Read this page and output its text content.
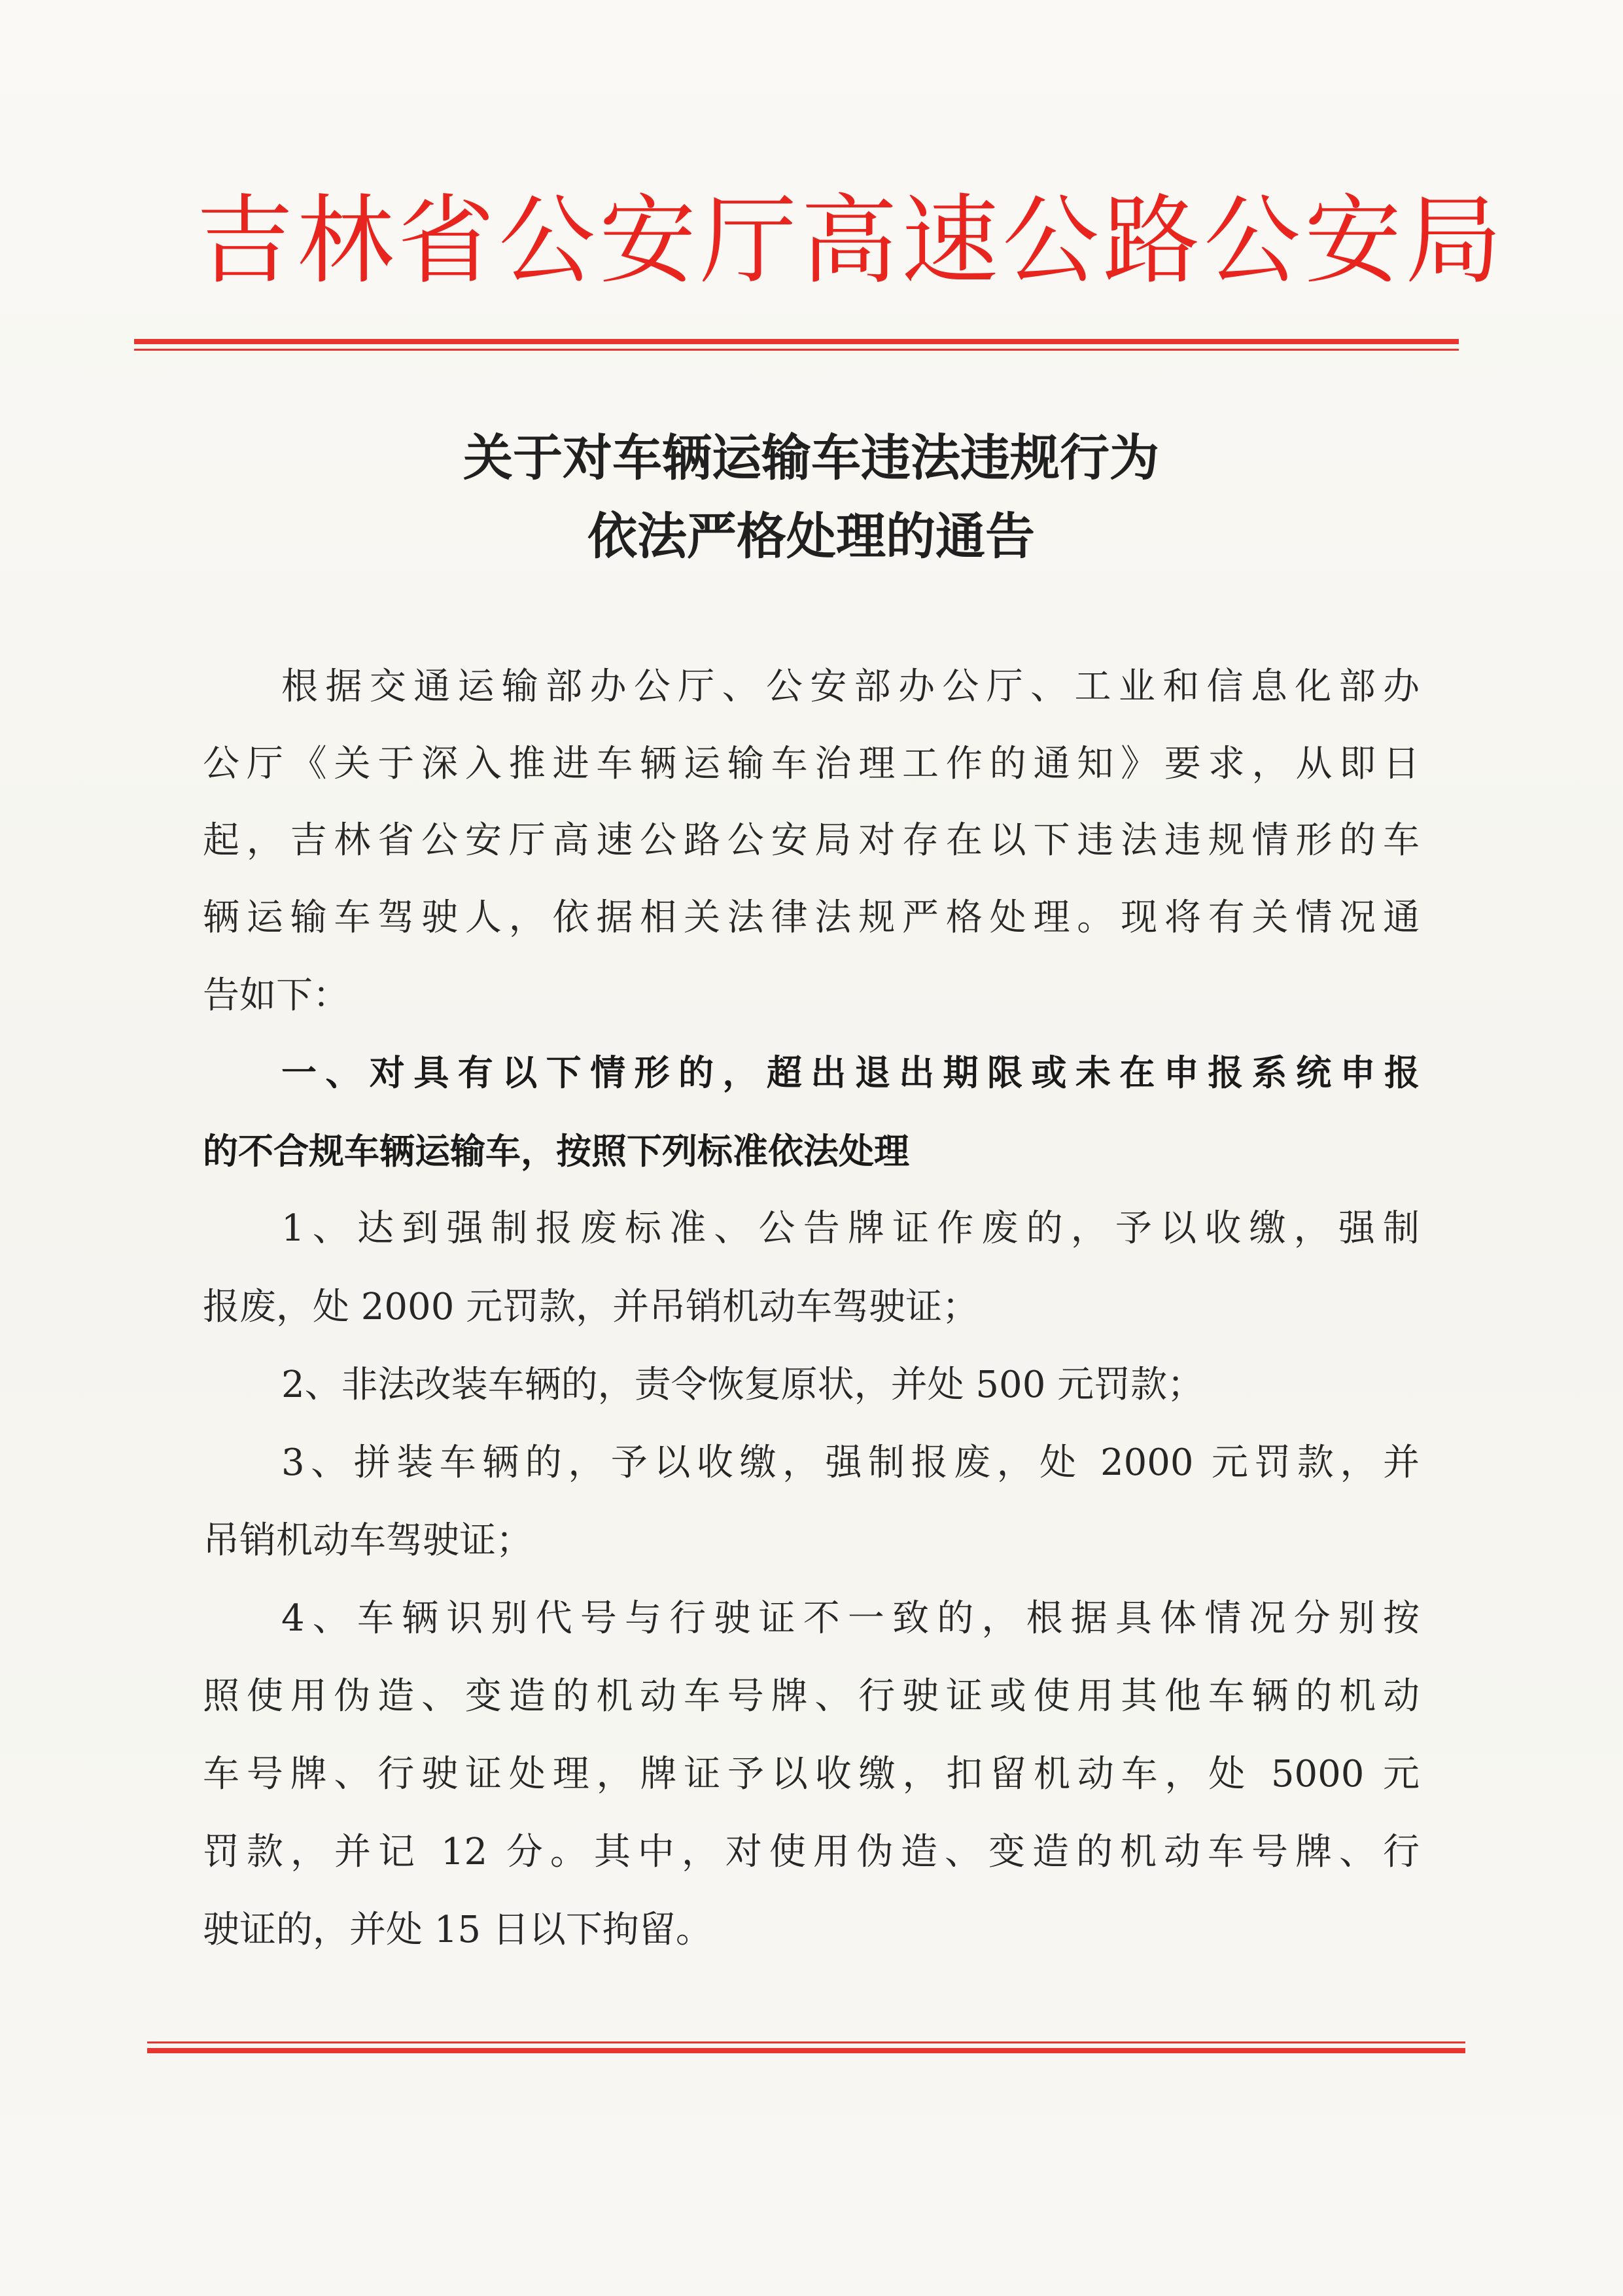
吉林省公安厅高速公路公安局
关于对车辆运输车违法违规行为
依法严格处理的通告
根据交通运输部办公厅、公安部办公厅、工业和信息化部办
公厅《关于深入推进车辆运输车治理工作的通知》要求，从即日
起，吉林省公安厅高速公路公安局对存在以下违法违规情形的车
辆运输车驾驶人，依据相关法律法规严格处理。现将有关情况通
告如下：
一、对具有以下情形的，超出退出期限或未在申报系统申报
的不合规车辆运输车，按照下列标准依法处理
1、达到强制报废标准、公告牌证作废的，予以收缴，强制
报废，处 2000 元罚款，并吊销机动车驾驶证；
2、非法改装车辆的，责令恢复原状，并处 500 元罚款；
3、拼装车辆的，予以收缴，强制报废，处 2000 元罚款，并
吊销机动车驾驶证；
4、车辆识别代号与行驶证不一致的，根据具体情况分别按
照使用伪造、变造的机动车号牌、行驶证或使用其他车辆的机动
车号牌、行驶证处理，牌证予以收缴，扣留机动车，处 5000 元
罚款，并记 12 分。其中，对使用伪造、变造的机动车号牌、行
驶证的，并处 15 日以下拘留。
